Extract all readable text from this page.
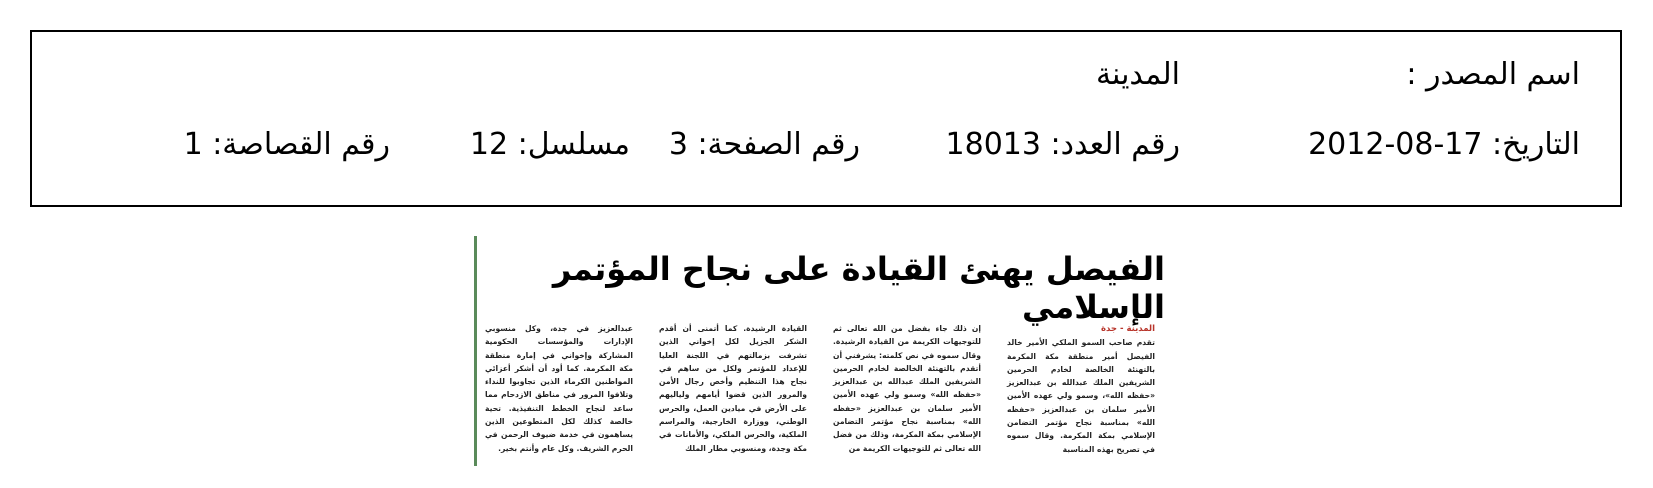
اسم المصدر :
المدينة
التاريخ: 17-08-2012
رقم العدد: 18013
رقم الصفحة: 3
مسلسل: 12
رقم القصاصة: 1
الفيصل يهنئ القيادة على نجاح المؤتمر الإسلامي
المدينة - جدة
تقدم صاحب السمو الملكي الأمير خالد الفيصل أمير منطقة مكة المكرمة بالتهنئة الخالصة لخادم الحرمين الشريفين الملك عبدالله بن عبدالعزيز «حفظه الله»، وسمو ولي عهده الأمين الأمير سلمان بن عبدالعزيز «حفظه الله» بمناسبة نجاح مؤتمر التضامن الإسلامي بمكة المكرمة. وقال سموه في تصريح بهذه المناسبة
إن ذلك جاء بفضل من الله تعالى ثم للتوجيهات الكريمة من القيادة الرشيدة. وقال سموه في نص كلمته: يشرفني أن أتقدم بالتهنئة الخالصة لخادم الحرمين الشريفين الملك عبدالله بن عبدالعزيز «حفظه الله» وسمو ولي عهده الأمين الأمير سلمان بن عبدالعزيز «حفظه الله» بمناسبة نجاح مؤتمر التضامن الإسلامي بمكة المكرمة، وذلك من فضل الله تعالى ثم للتوجيهات الكريمة من
القيادة الرشيدة. كما أتمنى أن أقدم الشكر الجزيل لكل إخواني الذين تشرفت بزمالتهم في اللجنة العليا للإعداد للمؤتمر ولكل من ساهم في نجاح هذا التنظيم وأخص رجال الأمن والمرور الذين قضوا أيامهم ولياليهم على الأرض في ميادين العمل، والحرس الوطني، ووزارة الخارجية، والمراسم الملكية، والحرس الملكي، والأمانات في مكة وجدة، ومنسوبي مطار الملك
عبدالعزيز في جدة، وكل منسوبي الإدارات والمؤسسات الحكومية المشاركة وإخواني في إمارة منطقة مكة المكرمة. كما أود أن أشكر أعزائي المواطنين الكرماء الذين تجاوبوا للنداء وتلافوا المرور في مناطق الازدحام مما ساعد لنجاح الخطط التنفيذية. تحية خالصة كذلك لكل المتطوعين الذين يساهمون في خدمة ضيوف الرحمن في الحرم الشريف. وكل عام وأنتم بخير.
